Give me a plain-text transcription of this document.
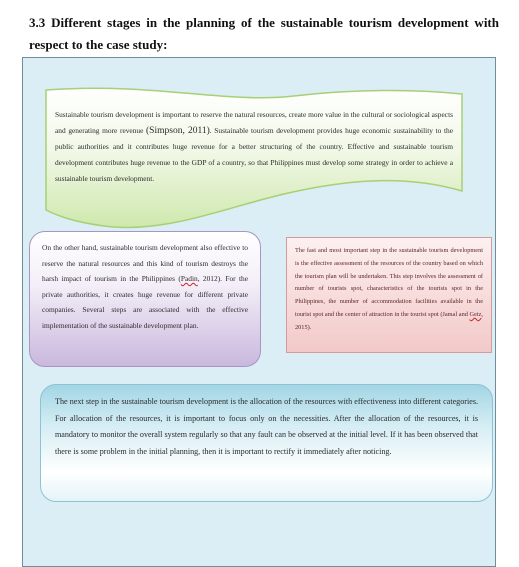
3.3 Different stages in the planning of the sustainable tourism development with respect to the case study:
Sustainable tourism development is important to reserve the natural resources, create more value in the cultural or sociological aspects and generating more revenue (Simpson, 2011). Sustainable tourism development provides huge economic sustainability to the public authorities and it contributes huge revenue for a better structuring of the country. Effective and sustainable tourism development contributes huge revenue to the GDP of a country, so that Philippines must develop some strategy in order to achieve a sustainable tourism development.
On the other hand, sustainable tourism development also effective to reserve the natural resources and this kind of tourism destroys the harsh impact of tourism in the Philippines (Padin, 2012). For the private authorities, it creates huge revenue for different private companies. Several steps are associated with the effective implementation of the sustainable development plan.
The fast and most important step in the sustainable tourism development is the effective assessment of the resources of the country based on which the tourism plan will be undertaken. This step involves the assessment of number of tourists spot, characteristics of the tourists spot in the Philippines, the number of accommodation facilities available in the tourist spot and the center of attraction in the tourist spot (Jamal and Getz, 2015).
The next step in the sustainable tourism development is the allocation of the resources with effectiveness into different categories. For allocation of the resources, it is important to focus only on the necessities. After the allocation of the resources, it is mandatory to monitor the overall system regularly so that any fault can be observed at the initial level. If it has been observed that there is some problem in the initial planning, then it is important to rectify it immediately after noticing.
